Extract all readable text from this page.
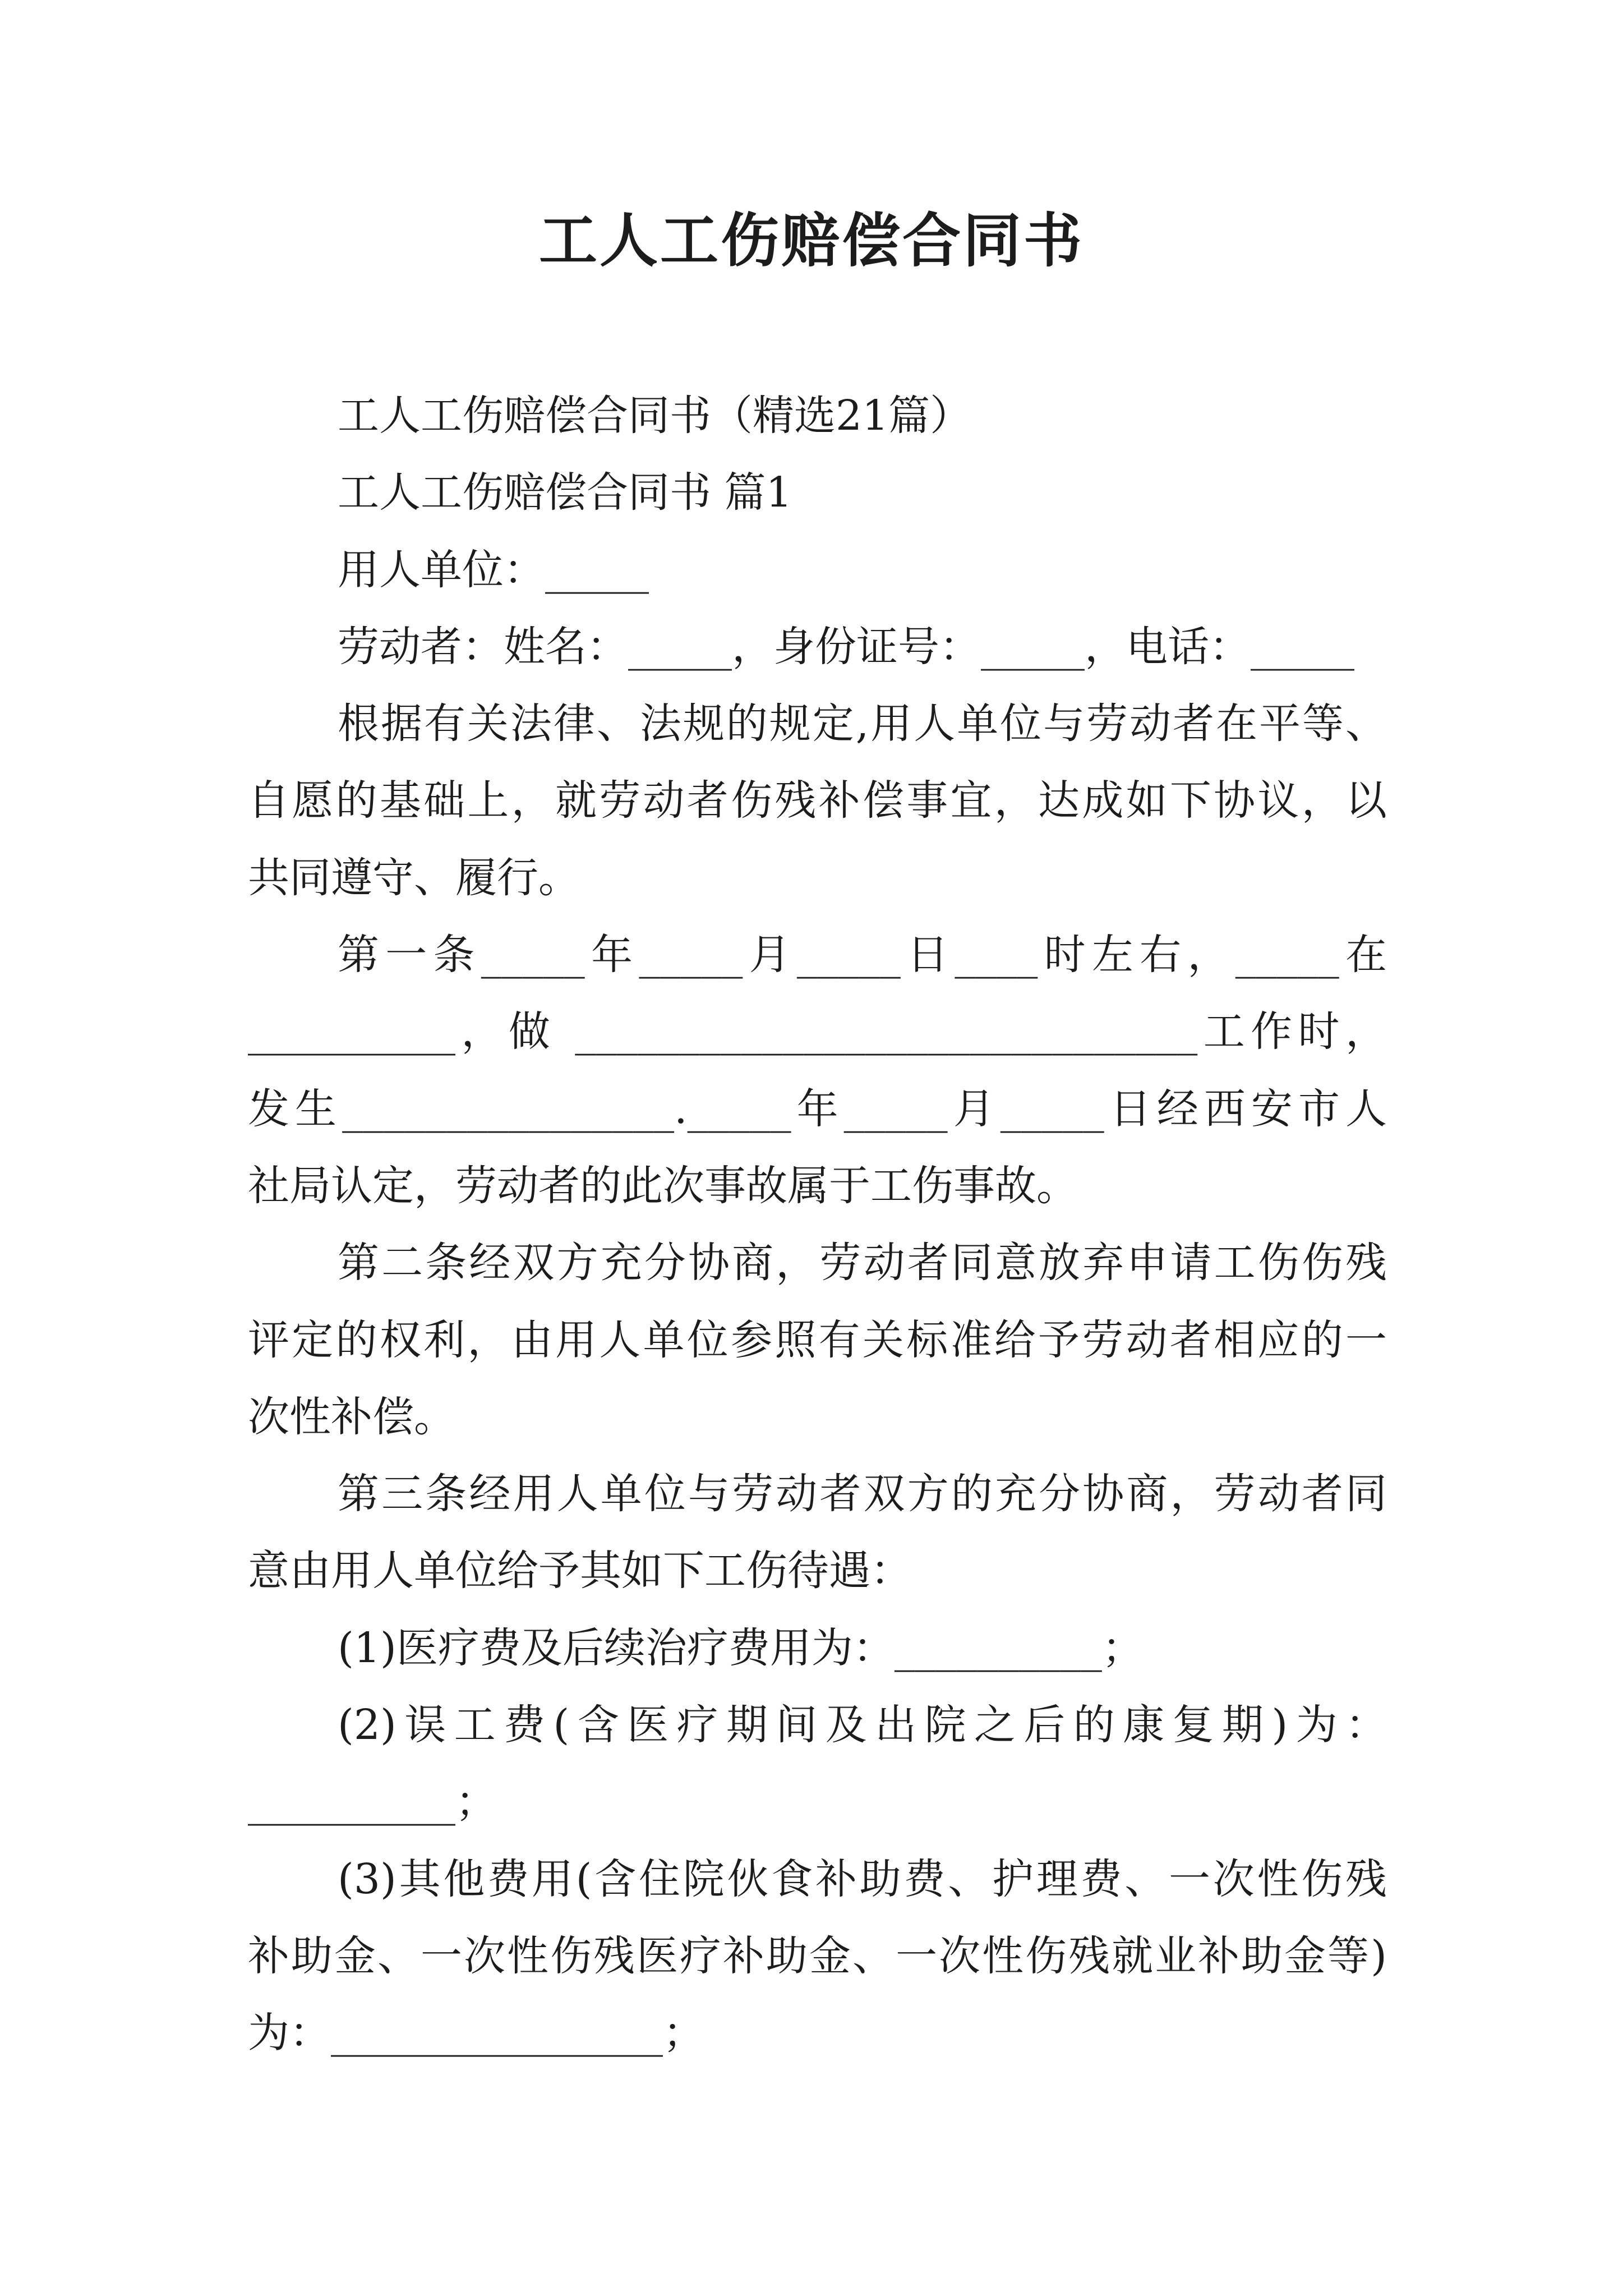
工人工伤赔偿合同书
工人工伤赔偿合同书（精选21篇）
工人工伤赔偿合同书 篇1
用人单位：_____
劳动者：姓名：_____，身份证号：_____，电话：_____
根据有关法律、法规的规定,用人单位与劳动者在平等、
自愿的基础上，就劳动者伤残补偿事宜，达成如下协议，以
共同遵守、履行。
第一条_____年_____月_____日____时左右，_____在
__________，做 ______________________________工作时，
发生________________._____年_____月_____日经西安市人
社局认定，劳动者的此次事故属于工伤事故。
第二条经双方充分协商，劳动者同意放弃申请工伤伤残
评定的权利，由用人单位参照有关标准给予劳动者相应的一
次性补偿。
第三条经用人单位与劳动者双方的充分协商，劳动者同
意由用人单位给予其如下工伤待遇：
(1)医疗费及后续治疗费用为：__________；
(2)误工费(含医疗期间及出院之后的康复期)为：
__________；
(3)其他费用(含住院伙食补助费、护理费、一次性伤残
补助金、一次性伤残医疗补助金、一次性伤残就业补助金等)
为：________________；
